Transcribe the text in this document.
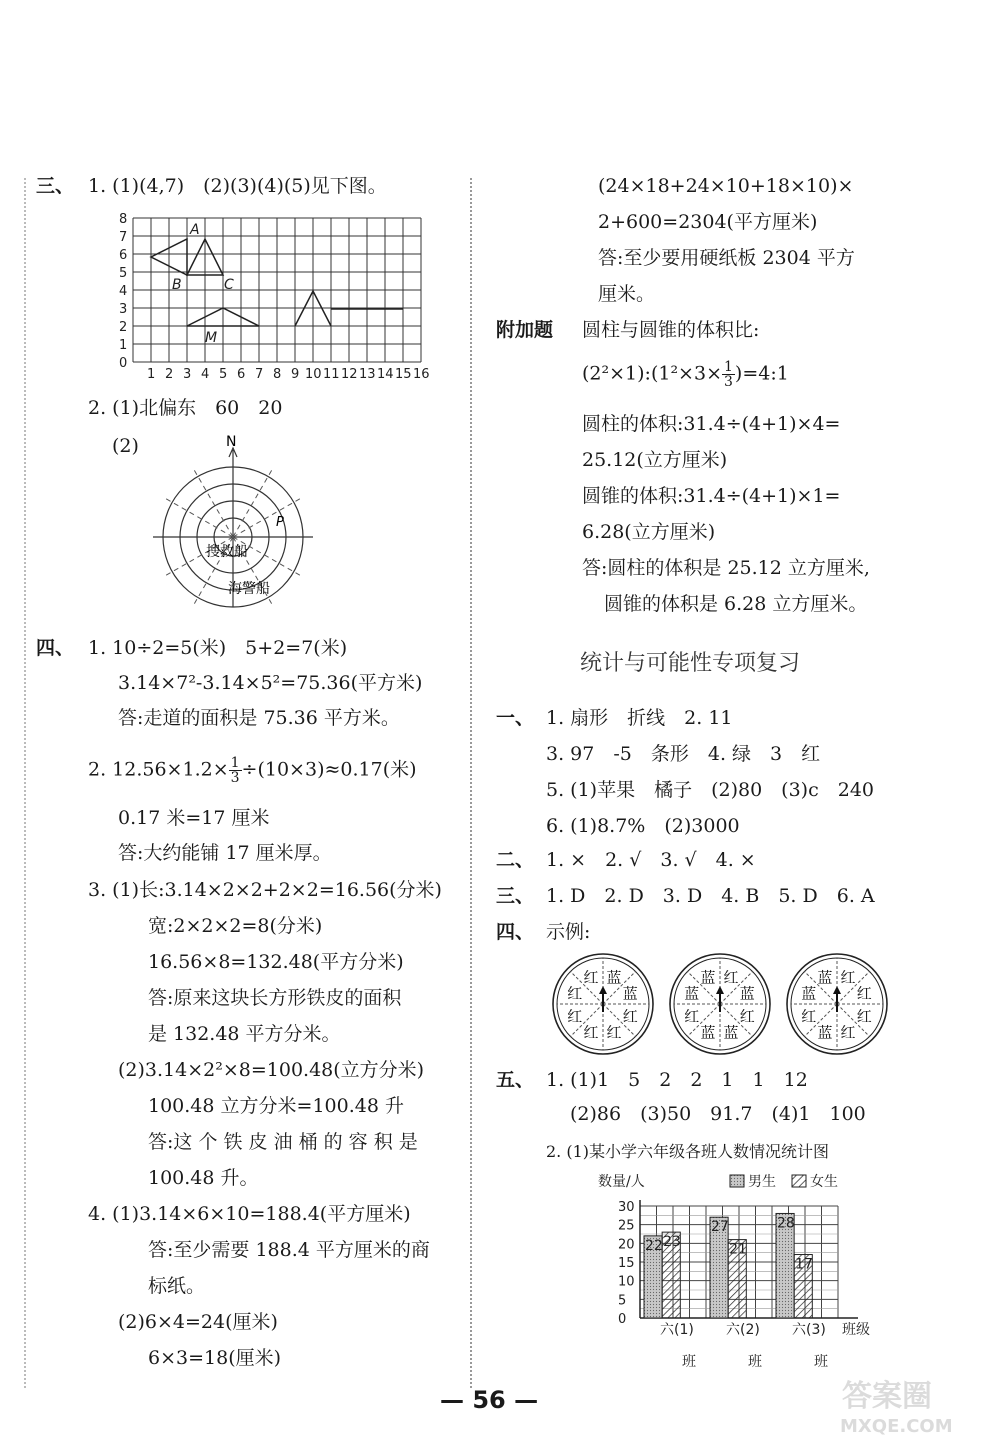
三、 1. (1)(4,7)　(2)(3)(4)(5)见下图。
0
1
2
3
4
5
6
7
8
1 2 3 4 5 6 7 8 9 10 11 12 13 14 15 16
A
B	C
M
2. (1)北偏东　60　20
(2)	N
P
搜救船
海警船
四、 1. 10÷2=5(米)　5+2=7(米)
3.14×7²-3.14×5²=75.36(平方米)
答:走道的面积是 75.36 平方米。
2. $12.56\times 1.2\times \frac{1}{3} \div(10\times 3)\approx 0.17$(米)
0.17 米=17 厘米
答:大约能铺 17 厘米厚。
3. (1)长:3.14×2×2+2×2=16.56(分米)
宽:2×2×2=8(分米)
16.56×8=132.48(平方分米)
答:原来这块长方形铁皮的面积
是 132.48 平方分米。
(2)3.14×2²×8=100.48(立方分米)
100.48 立方分米=100.48 升
答:这 个 铁 皮 油 桶 的 容 积 是
100.48 升。
4. (1)3.14×6×10=188.4(平方厘米)
答:至少需要 188.4 平方厘米的商
标纸。
(2)6×4=24(厘米)
6×3=18(厘米)
(24×18+24×10+18×10)×
2+600=2304(平方厘米)
答:至少要用硬纸板 2304 平方
厘米。
附加题 圆柱与圆锥的体积比:
(2²×1):(1²×3× $\frac{1}{3}$ )=4:1
圆柱的体积:31.4÷(4+1)×4=
25.12(立方厘米)
圆锥的体积:31.4÷(4+1)×1=
6.28(立方厘米)
答:圆柱的体积是 25.12 立方厘米,
圆锥的体积是 6.28 立方厘米。
统计与可能性专项复习
一、 1. 扇形　折线　2. 11
3. 97　-5　条形　4. 绿　3　红
5. (1)苹果　橘子　(2)80　(3)c　240
6. (1)8.7%　(2)3000
二、 1. ×　2. √　3. √　4. ×
三、 1. D　2. D　3. D　4. B　5. D　6. A
四、 示例:
蓝
蓝
红
红
红
红
红
红	红
蓝
红
蓝
蓝
红
蓝
蓝	红
红
红
红
蓝
红
蓝
蓝
五、 1. (1)1　5　2　2　1　1　12
(2)86　(3)50　91.7　(4)1　100
2. (1)某小学六年级各班人数情况统计图
0
5
10
15
20
25
30
22 23
六(1)
班
27
21
六(2)
班
28
17
六(3)
班
班级
数量/人	男生 女生
— 56 —	答案圈
MXQE.COM
